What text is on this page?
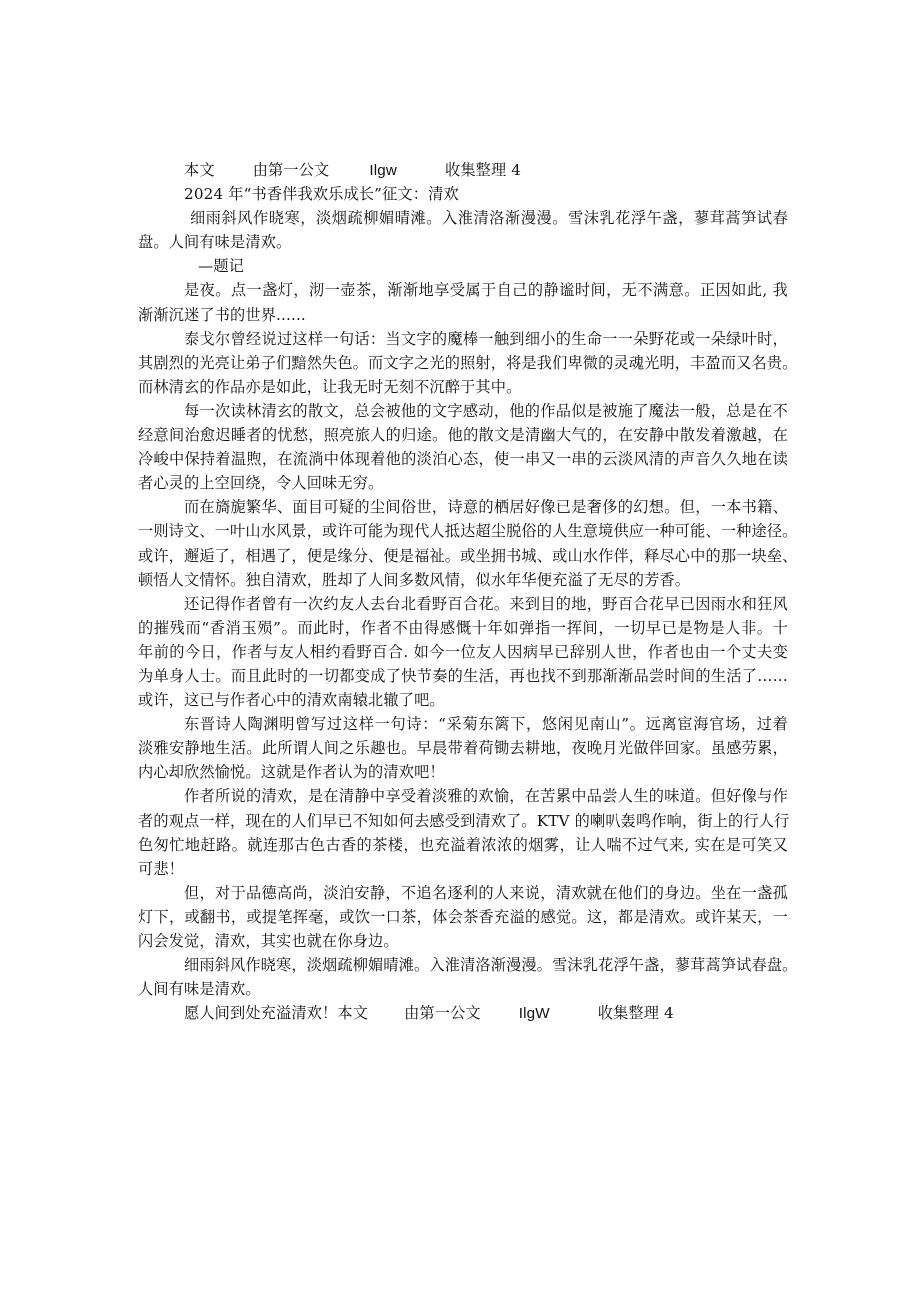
本文	由第一公文	Ilgw	收集整理 4
2024 年“书香伴我欢乐成长”征文：清欢
细雨斜风作晓寒，淡烟疏柳媚晴滩。入淮清洛渐漫漫。雪沫乳花浮午盏，蓼茸蒿笋试春
盘。人间有味是清欢。
—题记
是夜。点一盏灯，沏一壶茶，渐渐地享受属于自己的静谧时间，无不满意。正因如此, 我
渐渐沉迷了书的世界......
泰戈尔曾经说过这样一句话：当文字的魔棒一触到细小的生命一一朵野花或一朵绿叶时，
其剧烈的光亮让弟子们黯然失色。而文字之光的照射，将是我们卑微的灵魂光明，丰盈而又名贵。
而林清玄的作品亦是如此，让我无时无刻不沉醉于其中。
每一次读林清玄的散文，总会被他的文字感动，他的作品似是被施了魔法一般，总是在不
经意间治愈迟睡者的忧愁，照亮旅人的归途。他的散文是清幽大气的，在安静中散发着激越，在
冷峻中保持着温煦，在流淌中体现着他的淡泊心态，使一串又一串的云淡风清的声音久久地在读
者心灵的上空回绕，令人回味无穷。
而在旖旎繁华、面目可疑的尘间俗世，诗意的栖居好像已是奢侈的幻想。但，一本书籍、
一则诗文、一叶山水风景，或许可能为现代人抵达超尘脱俗的人生意境供应一种可能、一种途径。
或许，邂逅了，相遇了，便是缘分、便是福祉。或坐拥书城、或山水作伴，释尽心中的那一块垒、
顿悟人文情怀。独自清欢，胜却了人间多数风情，似水年华便充溢了无尽的芳香。
还记得作者曾有一次约友人去台北看野百合花。来到目的地，野百合花早已因雨水和狂风
的摧残而“香消玉殒”。而此时，作者不由得感慨十年如弹指一挥间，一切早已是物是人非。十
年前的今日，作者与友人相约看野百合. 如今一位友人因病早已辞别人世，作者也由一个丈夫变
为单身人士。而且此时的一切都变成了快节奏的生活，再也找不到那渐渐品尝时间的生活了……
或许，这已与作者心中的清欢南辕北辙了吧。
东晋诗人陶渊明曾写过这样一句诗：“采菊东篱下，悠闲见南山”。远离宦海官场，过着
淡雅安静地生活。此所谓人间之乐趣也。早晨带着荷锄去耕地，夜晚月光做伴回家。虽感劳累，
内心却欣然愉悦。这就是作者认为的清欢吧！
作者所说的清欢，是在清静中享受着淡雅的欢愉，在苦累中品尝人生的味道。但好像与作
者的观点一样，现在的人们早已不知如何去感受到清欢了。KTV 的喇叭轰鸣作响，街上的行人行
色匆忙地赶路。就连那古色古香的茶楼，也充溢着浓浓的烟雾，让人喘不过气来, 实在是可笑又
可悲！
但，对于品德高尚，淡泊安静，不追名逐利的人来说，清欢就在他们的身边。坐在一盏孤
灯下，或翻书，或提笔挥毫，或饮一口茶，体会茶香充溢的感觉。这，都是清欢。或许某天，一
闪会发觉，清欢，其实也就在你身边。
细雨斜风作晓寒，淡烟疏柳媚晴滩。入淮清洛渐漫漫。雪沫乳花浮午盏，蓼茸蒿笋试春盘。
人间有味是清欢。
愿人间到处充溢清欢！本文 由第一公文	IlgW	收集整理 4
